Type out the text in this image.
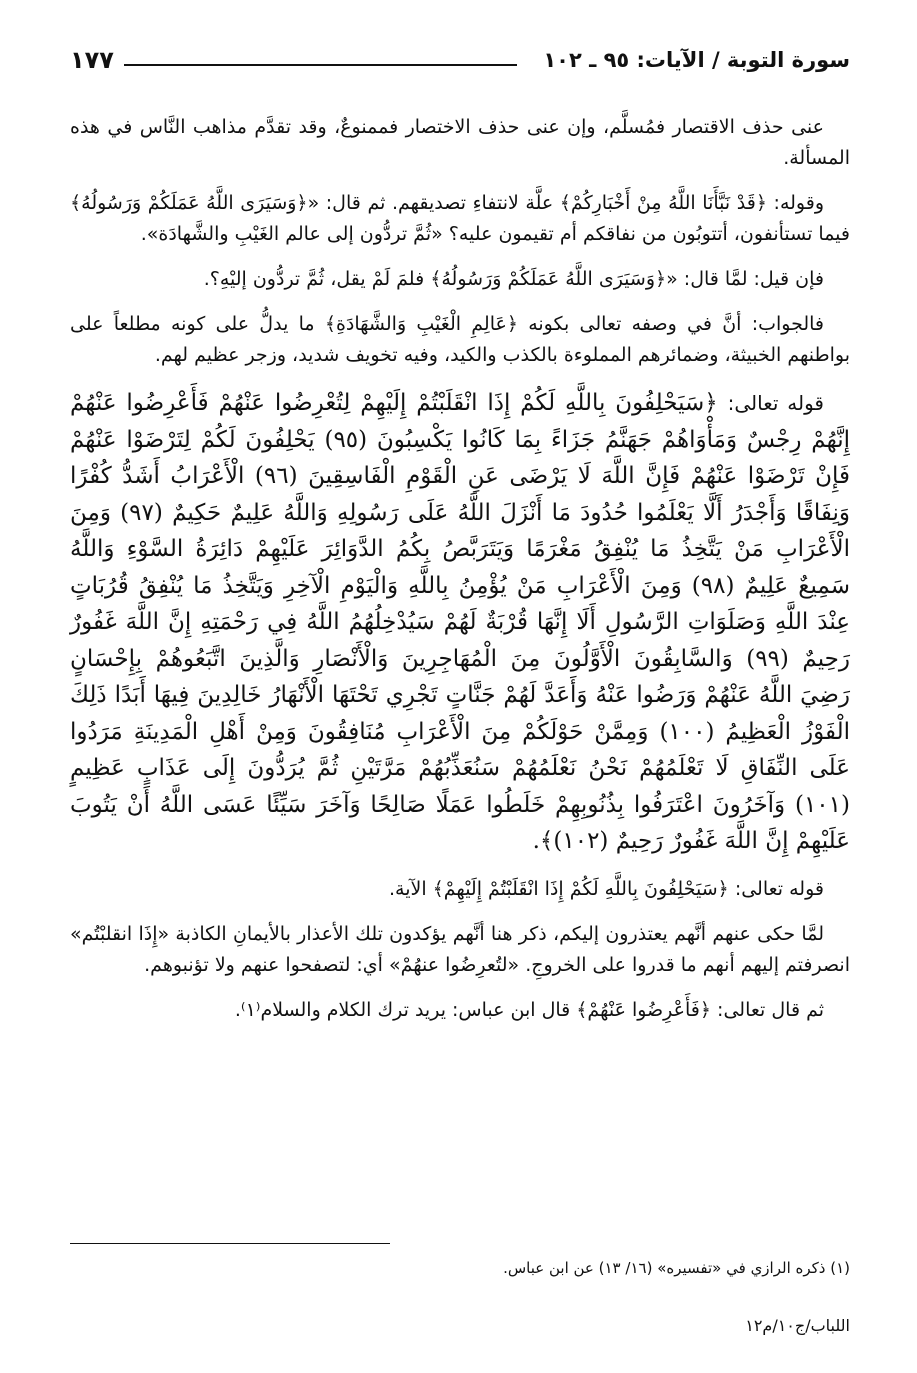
سورة التوبة / الآيات: ٩٥ ـ ١٠٢
١٧٧

عنى حذف الاقتصار فمُسلَّم، وإن عنى حذف الاختصار فممنوعٌ، وقد تقدَّم مذاهب النَّاس في هذه المسألة.

وقوله: ﴿قَدْ نَبَّأَنَا اللَّهُ مِنْ أَخْبَارِكُمْ﴾ علَّة لانتفاءِ تصديقهم. ثم قال: «﴿وَسَيَرَى اللَّهُ عَمَلَكُمْ وَرَسُولُهُ﴾ فيما تستأنفون، أتتوبُون من نفاقكم أم تقيمون عليه؟ «ثُمَّ تردُّون إلى عالم الغَيْبِ والشَّهادَة».

فإن قيل: لمَّا قال: «﴿وَسَيَرَى اللَّهُ عَمَلَكُمْ وَرَسُولُهُ﴾ فلمَ لَمْ يقل، ثُمَّ تردُّون إليْهِ؟.

فالجواب: أنَّ في وصفه تعالى بكونه ﴿عَالِمِ الْغَيْبِ وَالشَّهَادَةِ﴾ ما يدلُّ على كونه مطلعاً على بواطنهم الخبيثة، وضمائرهم المملوءة بالكذب والكيد، وفيه تخويف شديد، وزجر عظيم لهم.

قوله تعالى: ﴿سَيَحْلِفُونَ بِاللَّهِ لَكُمْ إِذَا انْقَلَبْتُمْ إِلَيْهِمْ لِتُعْرِضُوا عَنْهُمْ فَأَعْرِضُوا عَنْهُمْ إِنَّهُمْ رِجْسٌ وَمَأْوَاهُمْ جَهَنَّمُ جَزَاءً بِمَا كَانُوا يَكْسِبُونَ (٩٥) يَحْلِفُونَ لَكُمْ لِتَرْضَوْا عَنْهُمْ فَإِنْ تَرْضَوْا عَنْهُمْ فَإِنَّ اللَّهَ لَا يَرْضَى عَنِ الْقَوْمِ الْفَاسِقِينَ (٩٦) الْأَعْرَابُ أَشَدُّ كُفْرًا وَنِفَاقًا وَأَجْدَرُ أَلَّا يَعْلَمُوا حُدُودَ مَا أَنْزَلَ اللَّهُ عَلَى رَسُولِهِ وَاللَّهُ عَلِيمٌ حَكِيمٌ (٩٧) وَمِنَ الْأَعْرَابِ مَنْ يَتَّخِذُ مَا يُنْفِقُ مَغْرَمًا وَيَتَرَبَّصُ بِكُمُ الدَّوَائِرَ عَلَيْهِمْ دَائِرَةُ السَّوْءِ وَاللَّهُ سَمِيعٌ عَلِيمٌ (٩٨) وَمِنَ الْأَعْرَابِ مَنْ يُؤْمِنُ بِاللَّهِ وَالْيَوْمِ الْآخِرِ وَيَتَّخِذُ مَا يُنْفِقُ قُرُبَاتٍ عِنْدَ اللَّهِ وَصَلَوَاتِ الرَّسُولِ أَلَا إِنَّهَا قُرْبَةٌ لَهُمْ سَيُدْخِلُهُمُ اللَّهُ فِي رَحْمَتِهِ إِنَّ اللَّهَ غَفُورٌ رَحِيمٌ (٩٩) وَالسَّابِقُونَ الْأَوَّلُونَ مِنَ الْمُهَاجِرِينَ وَالْأَنْصَارِ وَالَّذِينَ اتَّبَعُوهُمْ بِإِحْسَانٍ رَضِيَ اللَّهُ عَنْهُمْ وَرَضُوا عَنْهُ وَأَعَدَّ لَهُمْ جَنَّاتٍ تَجْرِي تَحْتَهَا الْأَنْهَارُ خَالِدِينَ فِيهَا أَبَدًا ذَلِكَ الْفَوْزُ الْعَظِيمُ (١٠٠) وَمِمَّنْ حَوْلَكُمْ مِنَ الْأَعْرَابِ مُنَافِقُونَ وَمِنْ أَهْلِ الْمَدِينَةِ مَرَدُوا عَلَى النِّفَاقِ لَا تَعْلَمُهُمْ نَحْنُ نَعْلَمُهُمْ سَنُعَذِّبُهُمْ مَرَّتَيْنِ ثُمَّ يُرَدُّونَ إِلَى عَذَابٍ عَظِيمٍ (١٠١) وَآخَرُونَ اعْتَرَفُوا بِذُنُوبِهِمْ خَلَطُوا عَمَلًا صَالِحًا وَآخَرَ سَيِّئًا عَسَى اللَّهُ أَنْ يَتُوبَ عَلَيْهِمْ إِنَّ اللَّهَ غَفُورٌ رَحِيمٌ (١٠٢)﴾.

قوله تعالى: ﴿سَيَحْلِفُونَ بِاللَّهِ لَكُمْ إِذَا انْقَلَبْتُمْ إِلَيْهِمْ﴾ الآية.

لمَّا حكى عنهم أنَّهم يعتذرون إليكم، ذكر هنا أنَّهم يؤكدون تلك الأعذار بالأيمانِ الكاذبة «إِذَا انقلبْتُم» انصرفتم إليهم أنهم ما قدروا على الخروجِ. «لتُعرِضُوا عنهُمْ» أي: لتصفحوا عنهم ولا تؤنبوهم.

ثم قال تعالى: ﴿فَأَعْرِضُوا عَنْهُمْ﴾ قال ابن عباس: يريد ترك الكلام والسلام⁽١⁾.

(١) ذكره الرازي في «تفسيره» (١٦/ ١٣) عن ابن عباس.
اللباب/ج١٠/م١٢
